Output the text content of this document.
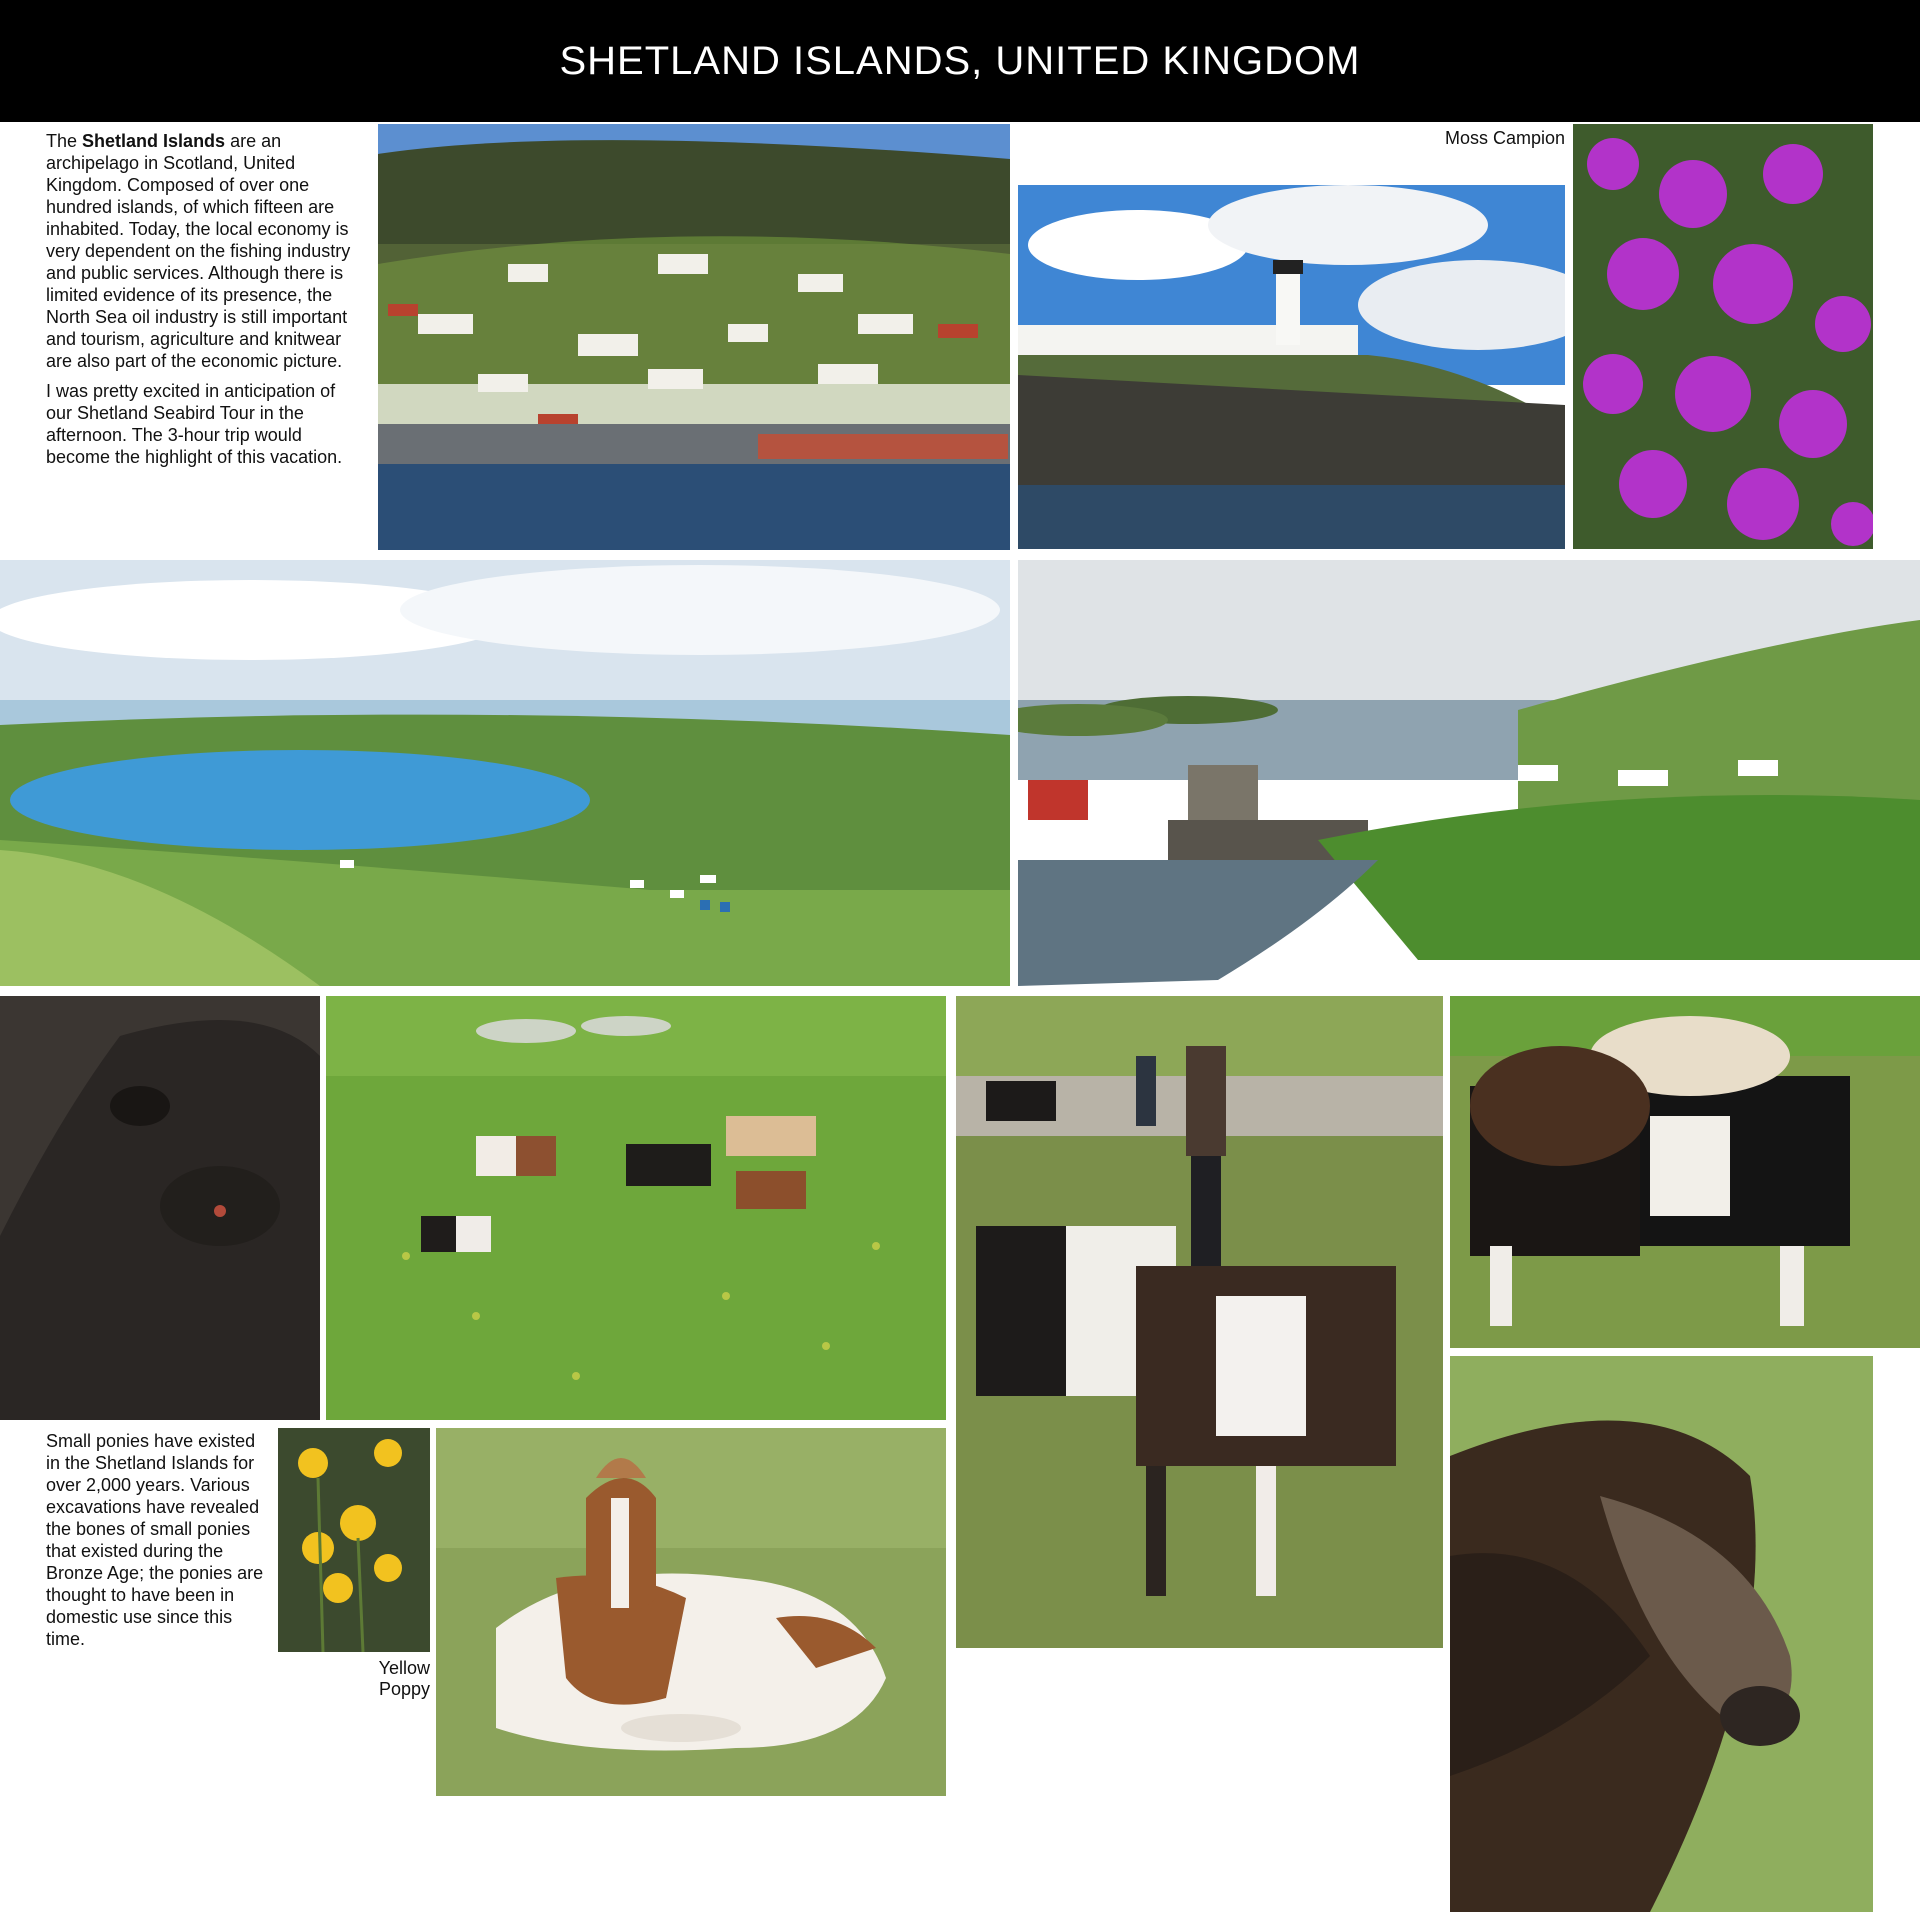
SHETLAND ISLANDS, UNITED KINGDOM

The Shetland Islands are an archipelago in Scotland, United Kingdom. Composed of over one hundred islands, of which fifteen are inhabited. Today, the local economy is very dependent on the fishing industry and public services. Although there is limited evidence of its presence, the North Sea oil industry is still important and tourism, agriculture and knitwear are also part of the economic picture.

I was pretty excited in anticipation of our Shetland Seabird Tour in the afternoon. The 3-hour trip would become the highlight of this vacation.

Moss Campion

Small ponies have existed in the Shetland Islands for over 2,000 years. Various excavations have revealed the bones of small ponies that existed during the Bronze Age; the ponies are thought to have been in domestic use since this time.

Yellow Poppy
